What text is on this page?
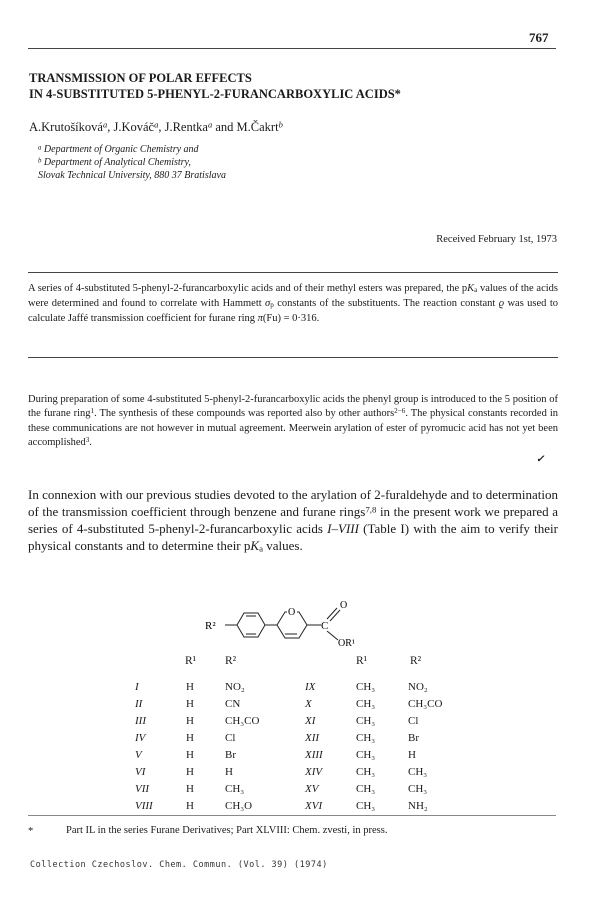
767
TRANSMISSION OF POLAR EFFECTS
IN 4-SUBSTITUTED 5-PHENYL-2-FURANCARBOXYLIC ACIDS*
A.Krutošíková$^a$, J.Kováč$^a$, J.Rentka$^a$ and M.Čakrt$^b$
$^a$ Department of Organic Chemistry and
$^b$ Department of Analytical Chemistry,
Slovak Technical University, 880 37 Bratislava
Received February 1st, 1973
A series of 4-substituted 5-phenyl-2-furancarboxylic acids and of their methyl esters was prepared, the $pK_a$ values of the acids were determined and found to correlate with Hammett $\sigma_p$ constants of the substituents. The reaction constant ϱ was used to calculate Jaffé transmission coefficient for furane ring π(Fu) = 0·316.
During preparation of some 4-substituted 5-phenyl-2-furancarboxylic acids the phenyl group is introduced to the 5 position of the furane ring$^1$. The synthesis of these compounds was reported also by other authors$^{2-6}$. The physical constants recorded in these communications are not however in mutual agreement. Meerwein arylation of ester of pyromucic acid has not yet been accomplished$^3$.
✓
In connexion with our previous studies devoted to the arylation of 2-furaldehyde and to determination of the transmission coefficient through benzene and furane rings$^{7,8}$ in the present work we prepared a series of 4-substituted 5-phenyl-2-furancarboxylic acids I–VIII (Table I) with the aim to verify their physical constants and to determine their $pK_a$ values.
R²
O
C
O
OR¹
R¹	R²	R¹	R²
I	H	NO₂	IX	CH₃	NO₂
II	H	CN	X	CH₃	CH₃CO
III	H	CH₃CO	XI	CH₃	Cl
IV	H	Cl	XII	CH₃	Br
V	H	Br	XIII	CH₃	H
VI	H	H	XIV	CH₃	CH₃
VII	H	CH₃	XV	CH₃	CH₃
VIII	H	CH₃O	XVI	CH₃	NH₂
*	Part IL in the series Furane Derivatives; Part XLVIII: Chem. zvesti, in press.
Collection Czechoslov. Chem. Commun. (Vol. 39) (1974)
